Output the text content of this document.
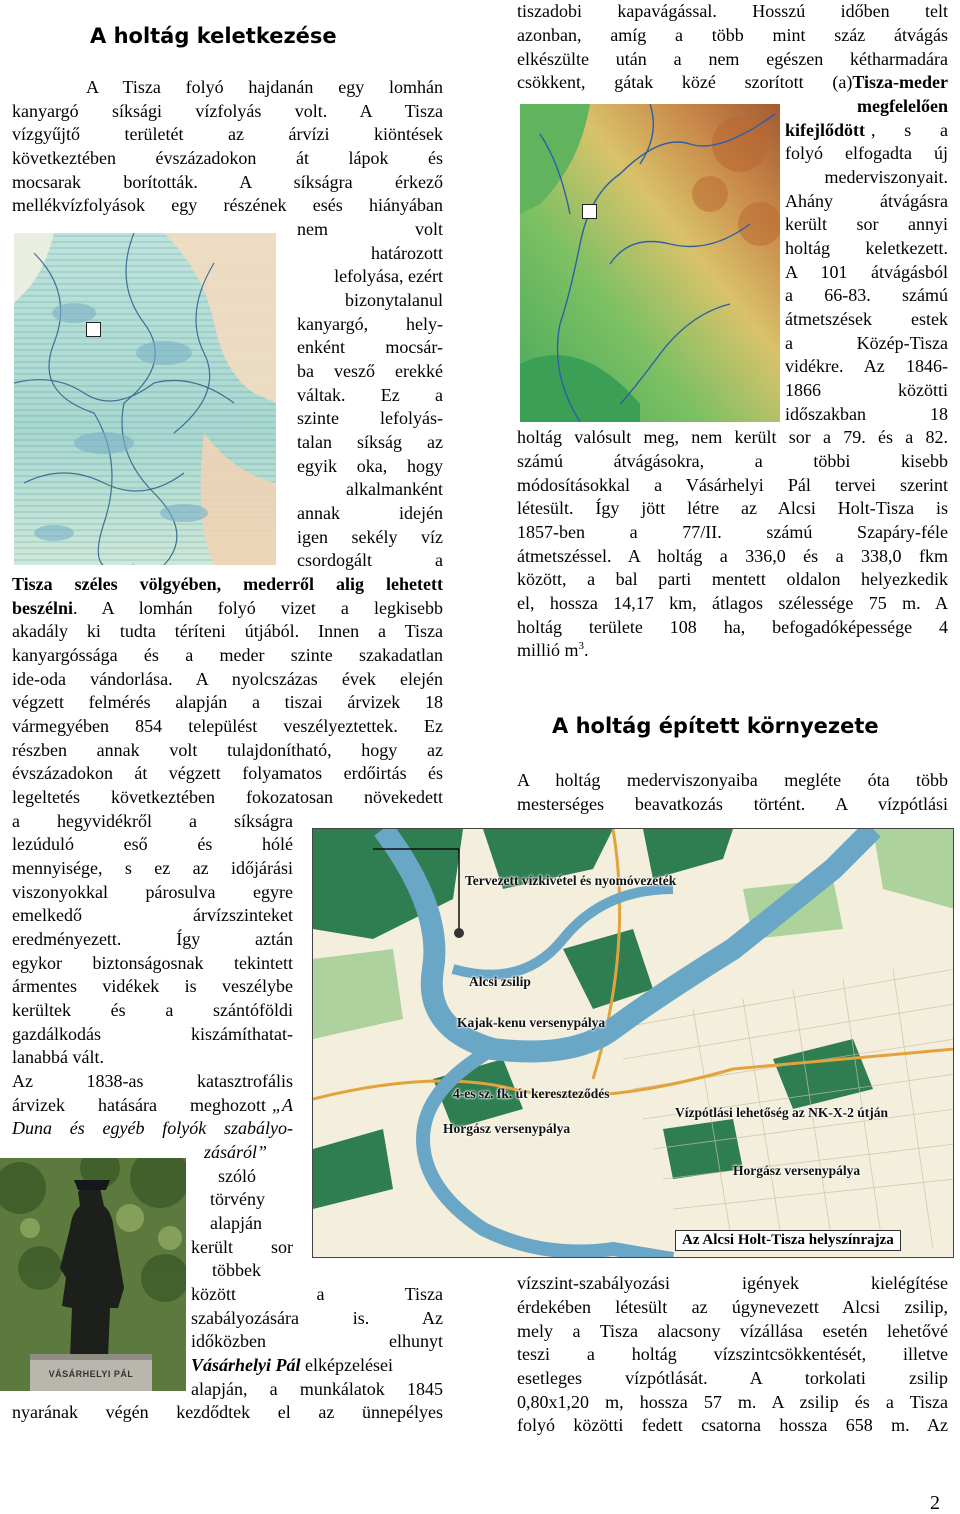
A holtág keletkezése
A Tisza folyó hajdanán egy lomhán
kanyargó síksági vízfolyás volt. A Tisza
vízgyűjtő területét az árvízi kiöntések
következtében évszázadokon át lápok és
mocsarak borították. A síkságra érkező
mellékvízfolyások egy részének esés hiányában
nem volt
határozott
lefolyása, ezért
bizonytalanul
kanyargó, hely-
enként mocsár-
ba vesző erekké
váltak. Ez a
szinte lefolyás-
talan síkság az
egyik oka, hogy
alkalmanként
annak idején
igen sekély víz
csordogált a
Tisza széles völgyében, mederről alig lehetett
beszélni . A lomhán folyó vizet a legkisebb
akadály ki tudta téríteni útjából. Innen a Tisza
kanyargóssága és a meder szinte szakadatlan
ide-oda vándorlása. A nyolcszázas évek elején
végzett felmérés alapján a tiszai árvizek 18
vármegyében 854 települést veszélyeztettek. Ez
részben annak volt tulajdonítható, hogy az
évszázadokon át végzett folyamatos erdőirtás és
legeltetés következtében fokozatosan növekedett
a hegyvidékről a síkságra
lezúduló eső és hólé
mennyisége, s ez az időjárási
viszonyokkal párosulva egyre
emelkedő árvízszinteket
eredményezett. Így aztán
egykor biztonságosnak tekintett
ármentes vidékek is veszélybe
kerültek és a szántóföldi
gazdálkodás kiszámíthatat-
lanabbá vált.
Az 1838-as katasztrofális
árvizek hatására meghozott „A
Duna és egyéb folyók szabályo-
zásáról”
szóló
törvény
alapján
került sor
többek
között a Tisza
szabályozására is. Az
időközben elhunyt
Vásárhelyi Pál elképzelései
alapján, a munkálatok 1845
nyarának végén kezdődtek el az ünnepélyes
VÁSÁRHELYI PÁL
tiszadobi kapavágással. Hosszú időben telt
azonban, amíg a több mint száz átvágás
elkészülte után a nem egészen kétharmadára
csökkent, gátak közé szorított (a) Tisza-meder
megfelelően
kifejlődött , s a
folyó elfogadta új
mederviszonyait.
Ahány átvágásra
került sor annyi
holtág keletkezett.
A 101 átvágásból
a 66-83. számú
átmetszések estek
a Közép-Tisza
vidékre. Az 1846-
1866 közötti
időszakban 18
holtág valósult meg, nem került sor a 79. és a 82.
számú átvágásokra, a többi kisebb
módosításokkal a Vásárhelyi Pál tervei szerint
létesült. Így jött létre az Alcsi Holt-Tisza is
1857-ben a 77/II. számú Szapáry-féle
átmetszéssel. A holtág a 336,0 és a 338,0 fkm
között, a bal parti mentett oldalon helyezkedik
el, hossza 14,17 km, átlagos szélessége 75 m. A
holtág területe 108 ha, befogadóképessége 4
millió $m^3$.
A holtág épített környezete
A holtág mederviszonyaiba megléte óta több
mesterséges beavatkozás történt. A vízpótlási
vízszint-szabályozási igények kielégítése
érdekében létesült az úgynevezett Alcsi zsilip,
mely a Tisza alacsony vízállása esetén lehetővé
teszi a holtág vízszintcsökkentését, illetve
esetleges vízpótlását. A torkolati zsilip
0,80x1,20 m, hossza 57 m. A zsilip és a Tisza
folyó közötti fedett csatorna hossza 658 m. Az
Tervezett vízkivétel és nyomóvezeték
Alcsi zsilip
Kajak-kenu versenypálya
4-es sz. fk. út kereszteződés
Horgász versenypálya
Vízpótlási lehetőség az NK-X-2 útján
Horgász versenypálya
Az Alcsi Holt-Tisza helyszínrajza
2
